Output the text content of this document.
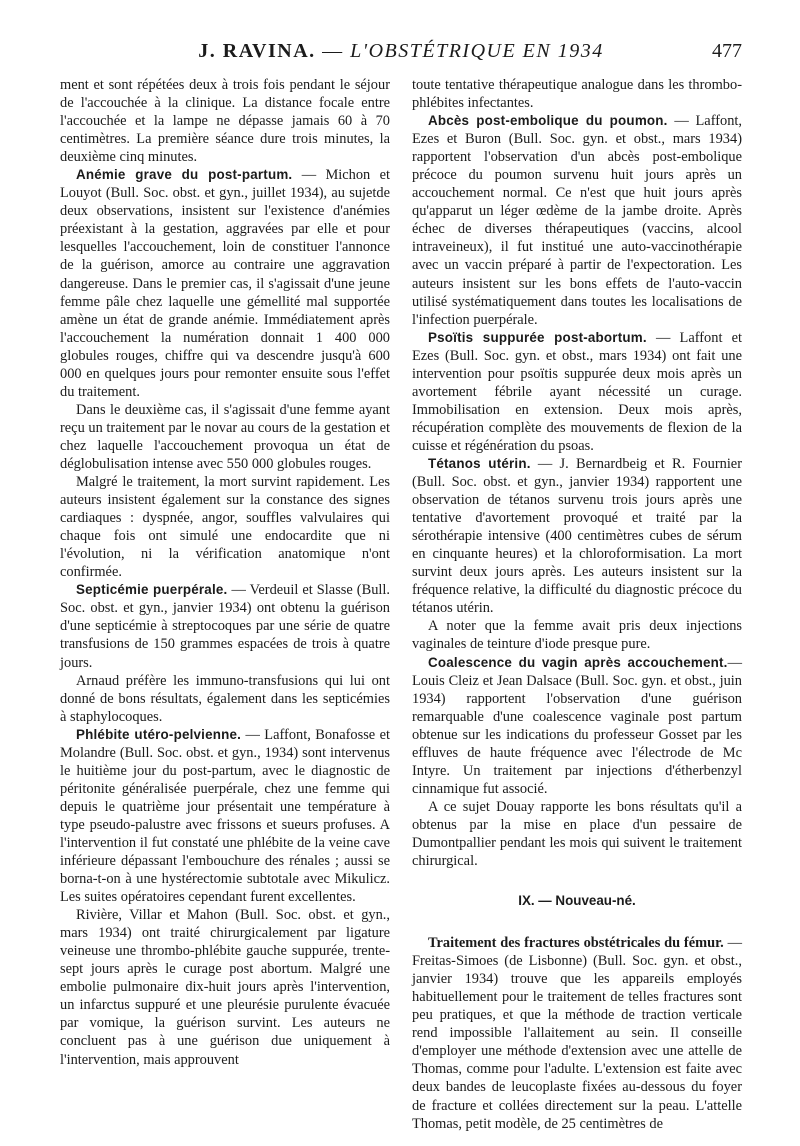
J. RAVINA. — L'OBSTÉTRIQUE EN 1934	477

ment et sont répétées deux à trois fois pendant le séjour de l'accouchée à la clinique. La distance focale entre l'accouchée et la lampe ne dépasse jamais 60 à 70 centimètres. La première séance dure trois minutes, la deuxième cinq minutes.

Anémie grave du post-partum. — Michon et Louyot (Bull. Soc. obst. et gyn., juillet 1934), au sujetde deux observations, insistent sur l'existence d'anémies préexistant à la gestation, aggravées par elle et pour lesquelles l'accouchement, loin de constituer l'annonce de la guérison, amorce au contraire une aggravation dangereuse. Dans le premier cas, il s'agissait d'une jeune femme pâle chez laquelle une gémellité mal supportée amène un état de grande anémie. Immédiatement après l'accouchement la numération donnait 1 400 000 globules rouges, chiffre qui va descendre jusqu'à 600 000 en quelques jours pour remonter ensuite sous l'effet du traitement.

Dans le deuxième cas, il s'agissait d'une femme ayant reçu un traitement par le novar au cours de la gestation et chez laquelle l'accouchement provoqua un état de déglobulisation intense avec 550 000 globules rouges.

Malgré le traitement, la mort survint rapidement. Les auteurs insistent également sur la constance des signes cardiaques : dyspnée, angor, souffles valvulaires qui chaque fois ont simulé une endocardite que ni l'évolution, ni la vérification anatomique n'ont confirmée.

Septicémie puerpérale. — Verdeuil et Slasse (Bull. Soc. obst. et gyn., janvier 1934) ont obtenu la guérison d'une septicémie à streptocoques par une série de quatre transfusions de 150 grammes espacées de trois à quatre jours.

Arnaud préfère les immuno-transfusions qui lui ont donné de bons résultats, également dans les septicémies à staphylocoques.

Phlébite utéro-pelvienne. — Laffont, Bonafosse et Molandre (Bull. Soc. obst. et gyn., 1934) sont intervenus le huitième jour du post-partum, avec le diagnostic de péritonite généralisée puerpérale, chez une femme qui depuis le quatrième jour présentait une température à type pseudo-palustre avec frissons et sueurs profuses. A l'intervention il fut constaté une phlébite de la veine cave inférieure dépassant l'embouchure des rénales ; aussi se borna-t-on à une hystérectomie subtotale avec Mikulicz. Les suites opératoires cependant furent excellentes.

Rivière, Villar et Mahon (Bull. Soc. obst. et gyn., mars 1934) ont traité chirurgicalement par ligature veineuse une thrombo-phlébite gauche suppurée, trente-sept jours après le curage post abortum. Malgré une embolie pulmonaire dix-huit jours après l'intervention, un infarctus suppuré et une pleurésie purulente évacuée par vomique, la guérison survint. Les auteurs ne concluent pas à une guérison due uniquement à l'intervention, mais approuvent

toute tentative thérapeutique analogue dans les thrombo-phlébites infectantes.

Abcès post-embolique du poumon. — Laffont, Ezes et Buron (Bull. Soc. gyn. et obst., mars 1934) rapportent l'observation d'un abcès post-embolique précoce du poumon survenu huit jours après un accouchement normal. Ce n'est que huit jours après qu'apparut un léger œdème de la jambe droite. Après échec de diverses thérapeutiques (vaccins, alcool intraveineux), il fut institué une auto-vaccinothérapie avec un vaccin préparé à partir de l'expectoration. Les auteurs insistent sur les bons effets de l'auto-vaccin utilisé systématiquement dans toutes les localisations de l'infection puerpérale.

Psoïtis suppurée post-abortum. — Laffont et Ezes (Bull. Soc. gyn. et obst., mars 1934) ont fait une intervention pour psoïtis suppurée deux mois après un avortement fébrile ayant nécessité un curage. Immobilisation en extension. Deux mois après, récupération complète des mouvements de flexion de la cuisse et régénération du psoas.

Tétanos utérin. — J. Bernardbeig et R. Fournier (Bull. Soc. obst. et gyn., janvier 1934) rapportent une observation de tétanos survenu trois jours après une tentative d'avortement provoqué et traité par la sérothérapie intensive (400 centimètres cubes de sérum en cinquante heures) et la chloroformisation. La mort survint deux jours après. Les auteurs insistent sur la fréquence relative, la difficulté du diagnostic précoce du tétanos utérin.

A noter que la femme avait pris deux injections vaginales de teinture d'iode presque pure.

Coalescence du vagin après accouchement.— Louis Cleiz et Jean Dalsace (Bull. Soc. gyn. et obst., juin 1934) rapportent l'observation d'une guérison remarquable d'une coalescence vaginale post partum obtenue sur les indications du professeur Gosset par les effluves de haute fréquence avec l'électrode de Mc Intyre. Un traitement par injections d'étherbenzyl cinnamique fut associé.

A ce sujet Douay rapporte les bons résultats qu'il a obtenus par la mise en place d'un pessaire de Dumontpallier pendant les mois qui suivent le traitement chirurgical.

IX. — Nouveau-né.

Traitement des fractures obstétricales du fémur. — Freitas-Simoes (de Lisbonne) (Bull. Soc. gyn. et obst., janvier 1934) trouve que les appareils employés habituellement pour le traitement de telles fractures sont peu pratiques, et que la méthode de traction verticale rend impossible l'allaitement au sein. Il conseille d'employer une méthode d'extension avec une attelle de Thomas, comme pour l'adulte. L'extension est faite avec deux bandes de leucoplaste fixées au-dessous du foyer de fracture et collées directement sur la peau. L'attelle Thomas, petit modèle, de 25 centimètres de
